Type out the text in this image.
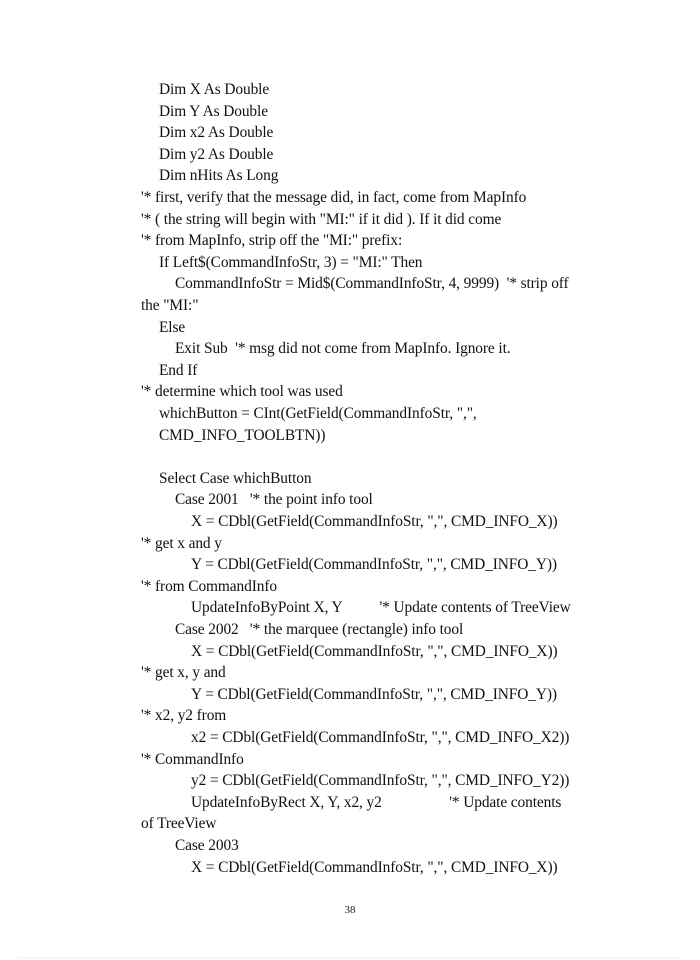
Dim X As Double
Dim Y As Double
Dim x2 As Double
Dim y2 As Double
Dim nHits As Long
'* first, verify that the message did, in fact, come from MapInfo
'* ( the string will begin with "MI:" if it did ). If it did come
'* from MapInfo, strip off the "MI:" prefix:
If Left$(CommandInfoStr, 3) = "MI:" Then
CommandInfoStr = Mid$(CommandInfoStr, 4, 9999)  '* strip off
the "MI:"
Else
Exit Sub  '* msg did not come from MapInfo. Ignore it.
End If
'* determine which tool was used
whichButton = CInt(GetField(CommandInfoStr, ",",
CMD_INFO_TOOLBTN))
Select Case whichButton
Case 2001   '* the point info tool
X = CDbl(GetField(CommandInfoStr, ",", CMD_INFO_X))
'* get x and y
Y = CDbl(GetField(CommandInfoStr, ",", CMD_INFO_Y))
'* from CommandInfo
UpdateInfoByPoint X, Y          '* Update contents of TreeView
Case 2002   '* the marquee (rectangle) info tool
X = CDbl(GetField(CommandInfoStr, ",", CMD_INFO_X))
'* get x, y and
Y = CDbl(GetField(CommandInfoStr, ",", CMD_INFO_Y))
'* x2, y2 from
x2 = CDbl(GetField(CommandInfoStr, ",", CMD_INFO_X2))
'* CommandInfo
y2 = CDbl(GetField(CommandInfoStr, ",", CMD_INFO_Y2))
UpdateInfoByRect X, Y, x2, y2                  '* Update contents
of TreeView
Case 2003
X = CDbl(GetField(CommandInfoStr, ",", CMD_INFO_X))
38
